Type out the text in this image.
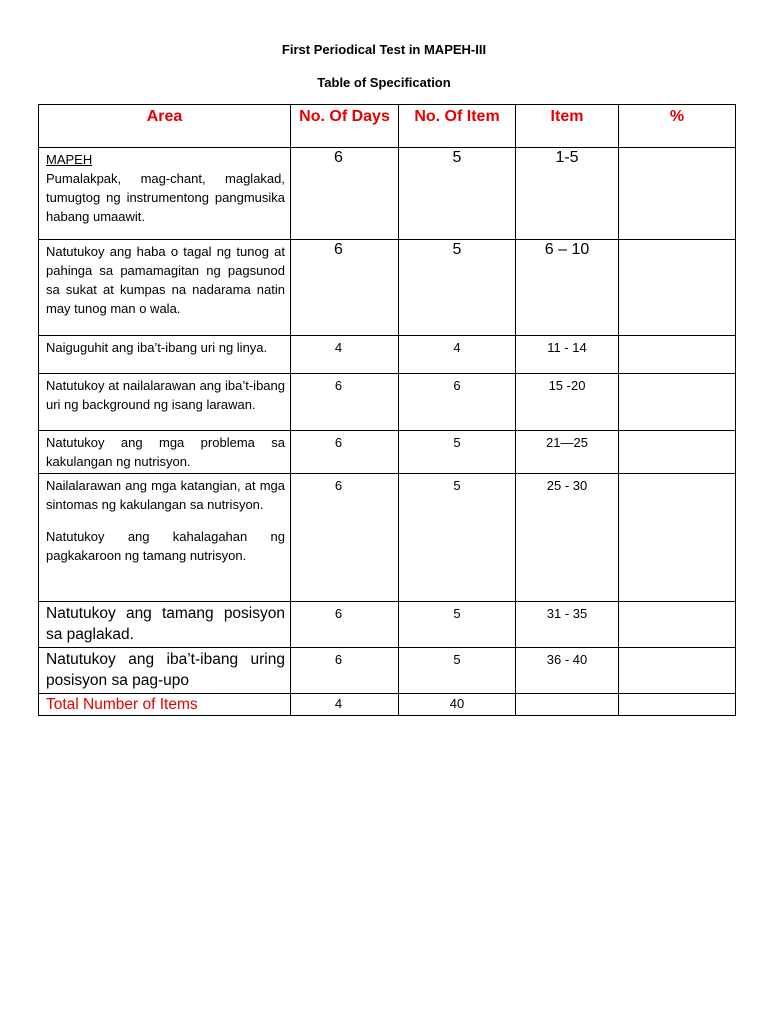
First Periodical Test in MAPEH-III
Table of Specification
Area	No. Of Days	No. Of Item	Item	%

MAPEH
Pumalakpak, mag-chant, maglakad, tumugtog ng instrumentong pangmusika habang umaawit.	6	5	1-5	
Natutukoy ang haba o tagal ng tunog at pahinga sa pamamagitan ng pagsunod sa sukat at kumpas na nadarama natin may tunog man o wala.	6	5	6 – 10	
Naiguguhit ang iba’t-ibang uri ng linya.	4	4	11 - 14	
Natutukoy at nailalarawan ang iba’t-ibang uri ng background ng isang larawan.	6	6	15 -20	
Natutukoy ang mga problema sa kakulangan ng nutrisyon.	6	5	21—25	

Nailalarawan ang mga katangian, at mga sintomas ng kakulangan sa nutrisyon.

Natutukoy ang kahalagahan ng pagkakaroon ng tamang nutrisyon.	6	5	25 - 30	
Natutukoy ang tamang posisyon sa paglakad.	6	5	31 - 35	
Natutukoy ang iba’t-ibang uring posisyon sa pag-upo	6	5	36 - 40	
Total Number of Items	4	40		
